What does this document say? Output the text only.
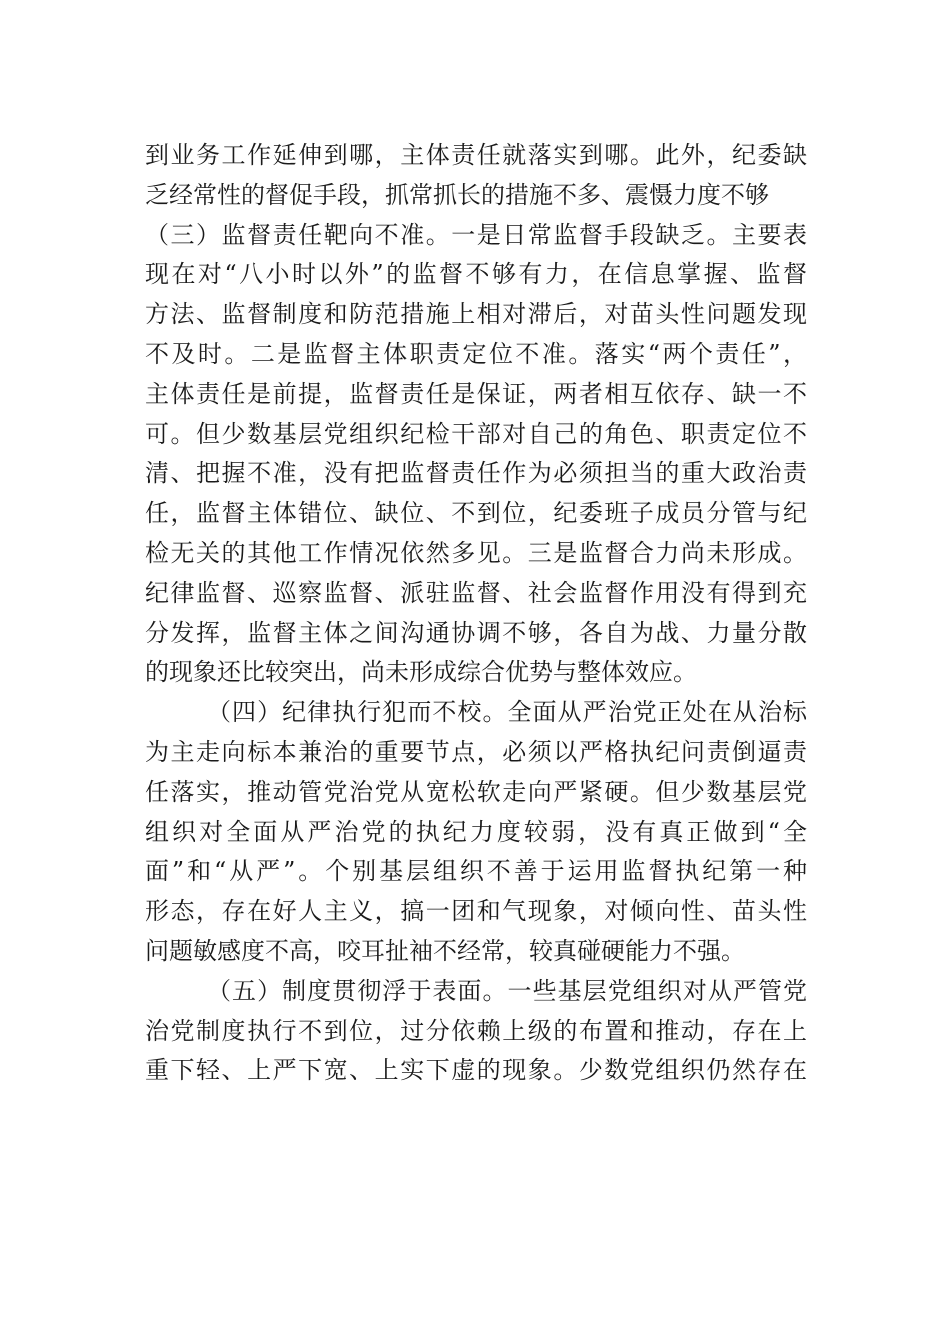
到业务工作延伸到哪，主体责任就落实到哪。此外，纪委缺
乏经常性的督促手段，抓常抓长的措施不多、震慑力度不够
（三）监督责任靶向不准。一是日常监督手段缺乏。主要表
现在对“八小时以外”的监督不够有力，在信息掌握、监督
方法、监督制度和防范措施上相对滞后，对苗头性问题发现
不及时。二是监督主体职责定位不准。落实“两个责任”，
主体责任是前提，监督责任是保证，两者相互依存、缺一不
可。但少数基层党组织纪检干部对自己的角色、职责定位不
清、把握不准，没有把监督责任作为必须担当的重大政治责
任，监督主体错位、缺位、不到位，纪委班子成员分管与纪
检无关的其他工作情况依然多见。三是监督合力尚未形成。
纪律监督、巡察监督、派驻监督、社会监督作用没有得到充
分发挥，监督主体之间沟通协调不够，各自为战、力量分散
的现象还比较突出，尚未形成综合优势与整体效应。
（四）纪律执行犯而不校。全面从严治党正处在从治标
为主走向标本兼治的重要节点，必须以严格执纪问责倒逼责
任落实，推动管党治党从宽松软走向严紧硬。但少数基层党
组织对全面从严治党的执纪力度较弱，没有真正做到“全
面”和“从严”。个别基层组织不善于运用监督执纪第一种
形态，存在好人主义，搞一团和气现象，对倾向性、苗头性
问题敏感度不高，咬耳扯袖不经常，较真碰硬能力不强。
（五）制度贯彻浮于表面。一些基层党组织对从严管党
治党制度执行不到位，过分依赖上级的布置和推动，存在上
重下轻、上严下宽、上实下虚的现象。少数党组织仍然存在
